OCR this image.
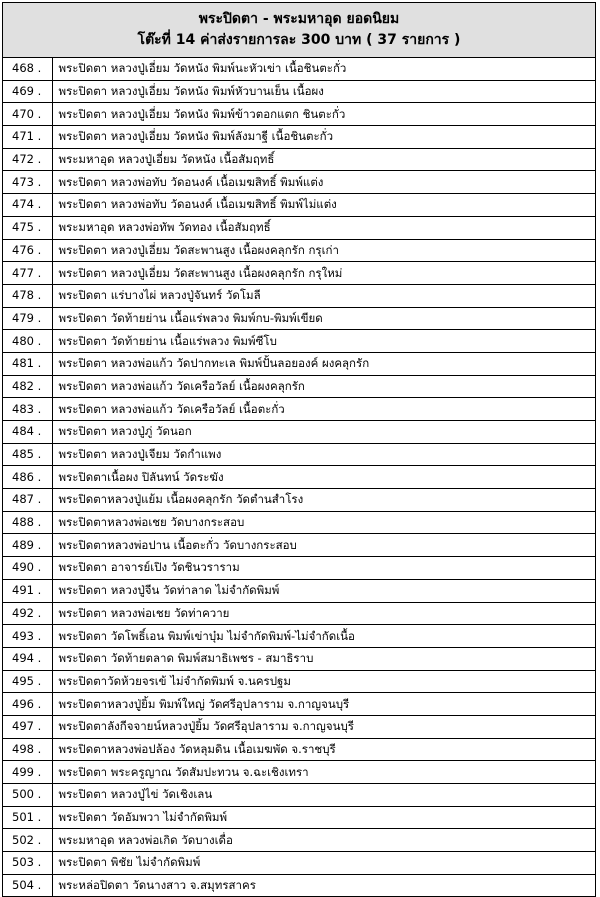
พระปิดตา - พระมหาอุด ยอดนิยม
โต๊ะที่ 14 ค่าส่งรายการละ 300 บาท ( 37 รายการ )
468 .	พระปิดตา หลวงปู่เอี่ยม วัดหนัง พิมพ์นะหัวเข่า เนื้อชินตะกั่ว
469 .	พระปิดตา หลวงปู่เอี่ยม วัดหนัง พิมพ์หัวบานเย็น เนื้อผง
470 .	พระปิดตา หลวงปู่เอี่ยม วัดหนัง พิมพ์ข้าวตอกแตก ชินตะกั่ว
471 .	พระปิดตา หลวงปู่เอี่ยม วัดหนัง พิมพ์ลังมาฐี เนื้อชินตะกั่ว
472 .	พระมหาอุด หลวงปู่เอี่ยม วัดหนัง เนื้อสัมฤทธิ์
473 .	พระปิดตา หลวงพ่อทับ วัดอนงค์ เนื้อเมฆสิทธิ์ พิมพ์แต่ง
474 .	พระปิดตา หลวงพ่อทับ วัดอนงค์ เนื้อเมฆสิทธิ์ พิมพ์ไม่แต่ง
475 .	พระมหาอุด หลวงพ่อทัพ วัดทอง เนื้อสัมฤทธิ์
476 .	พระปิดตา หลวงปู่เอี่ยม วัดสะพานสูง เนื้อผงคลุกรัก กรุเก่า
477 .	พระปิดตา หลวงปู่เอี่ยม วัดสะพานสูง เนื้อผงคลุกรัก กรุใหม่
478 .	พระปิดตา แร่บางไผ่ หลวงปู่จันทร์ วัดโมลี
479 .	พระปิดตา วัดท้ายย่าน เนื้อแร่พลวง พิมพ์กบ-พิมพ์เขียด
480 .	พระปิดตา วัดท้ายย่าน เนื้อแร่พลวง พิมพ์ซีโบ
481 .	พระปิดตา หลวงพ่อแก้ว วัดปากทะเล พิมพ์ปั้นลอยองค์ ผงคลุกรัก
482 .	พระปิดตา หลวงพ่อแก้ว วัดเครือวัลย์ เนื้อผงคลุกรัก
483 .	พระปิดตา หลวงพ่อแก้ว วัดเครือวัลย์ เนื้อตะกั่ว
484 .	พระปิดตา หลวงปู่ภู่ วัดนอก
485 .	พระปิดตา หลวงปู่เจียม วัดกำแพง
486 .	พระปิดตาเนื้อผง ปิลันทน์ วัดระฆัง
487 .	พระปิดตาหลวงปู่แย้ม เนื้อผงคลุกรัก วัดตำนสำโรง
488 .	พระปิดตาหลวงพ่อเชย วัดบางกระสอบ
489 .	พระปิดตาหลวงพ่อปาน เนื้อตะกั่ว วัดบางกระสอบ
490 .	พระปิดตา อาจารย์เปิง วัดชินวราราม
491 .	พระปิดตา หลวงปู่จีน วัดท่าลาด ไม่จำกัดพิมพ์
492 .	พระปิดตา หลวงพ่อเชย วัดท่าควาย
493 .	พระปิดตา วัดโพธิ์เอน พิมพ์เข่าบุ๋ม ไม่จำกัดพิมพ์-ไม่จำกัดเนื้อ
494 .	พระปิดตา วัดท้ายตลาด พิมพ์สมาธิเพชร - สมาธิราบ
495 .	พระปิดตาวัดห้วยจรเข้ ไม่จำกัดพิมพ์ จ.นครปฐม
496 .	พระปิดตาหลวงปู่ยิ้ม พิมพ์ใหญ่ วัดศรีอุปลาราม จ.กาญจนบุรี
497 .	พระปิดตาลังกีจจายน์หลวงปู่ยิ้ม วัดศรีอุปลาราม จ.กาญจนบุรี
498 .	พระปิดตาหลวงพ่อปล้อง วัดหลุมดิน เนื้อเมฆพัด จ.ราชบุรี
499 .	พระปิดตา พระครูญาณ วัดสัมปะทวน จ.ฉะเชิงเทรา
500 .	พระปิดตา หลวงปู่ไข่ วัดเชิงเลน
501 .	พระปิดตา วัดอัมพวา ไม่จำกัดพิมพ์
502 .	พระมหาอุด หลวงพ่อเกิด วัดบางเดื่อ
503 .	พระปิดตา พิชัย ไม่จำกัดพิมพ์
504 .	พระหล่อปิดตา วัดนางสาว จ.สมุทรสาคร
